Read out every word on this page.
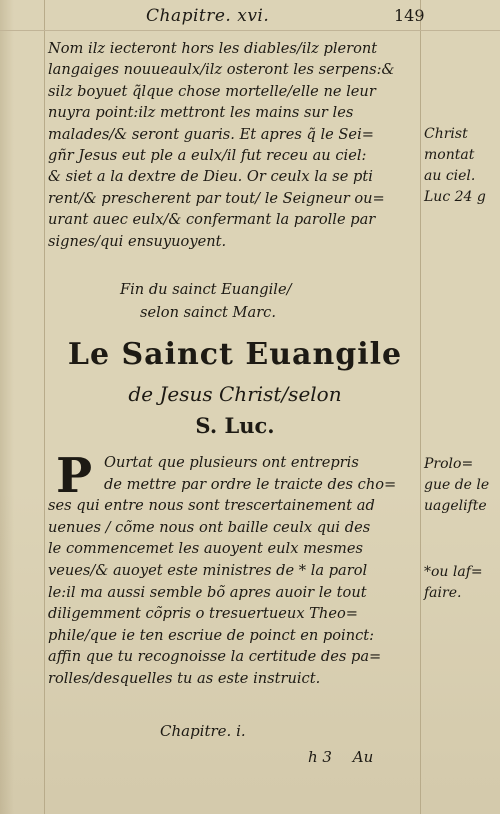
Chapitre. xvi.	149
Nom ilz iecteront hors les diables/ilz pleront
langaiges nouueaulx/ilz osteront les serpens:&
silz boyuet q̃lque chose mortelle/elle ne leur
nuyra point:ilz mettront les mains sur les
malades/& seront guaris. Et apres q̃ le Sei=
gñr Jesus eut ple a eulx/il fut receu au ciel:
& siet a la dextre de Dieu. Or ceulx la se pti
rent/& prescherent par tout/ le Seigneur ou=
urant auec eulx/& confermant la parolle par
signes/qui ensuyuoyent.
Christ
montat
au ciel.
Luc 24 g
Fin du sainct Euangile/
selon sainct Marc.
Le Sainct Euangile
de Jesus Christ/selon
S. Luc.
P Ourtat que plusieurs ont entrepris
de mettre par ordre le traicte des cho=
ses qui entre nous sont trescertainement ad
uenues / cõme nous ont baille ceulx qui des
le commencemet les auoyent eulx mesmes
veues/& auoyet este ministres de * la parol
le:il ma aussi semble bõ apres auoir le tout
diligemment cõpris o tresuertueux Theo=
phile/que ie ten escriue de poinct en poinct:
affin que tu recognoisse la certitude des pa=
rolles/desquelles tu as este instruict.
Prolo=
gue de le
uagelifte
*ou laf=
faire.
Chapitre. i.
h 3 Au
